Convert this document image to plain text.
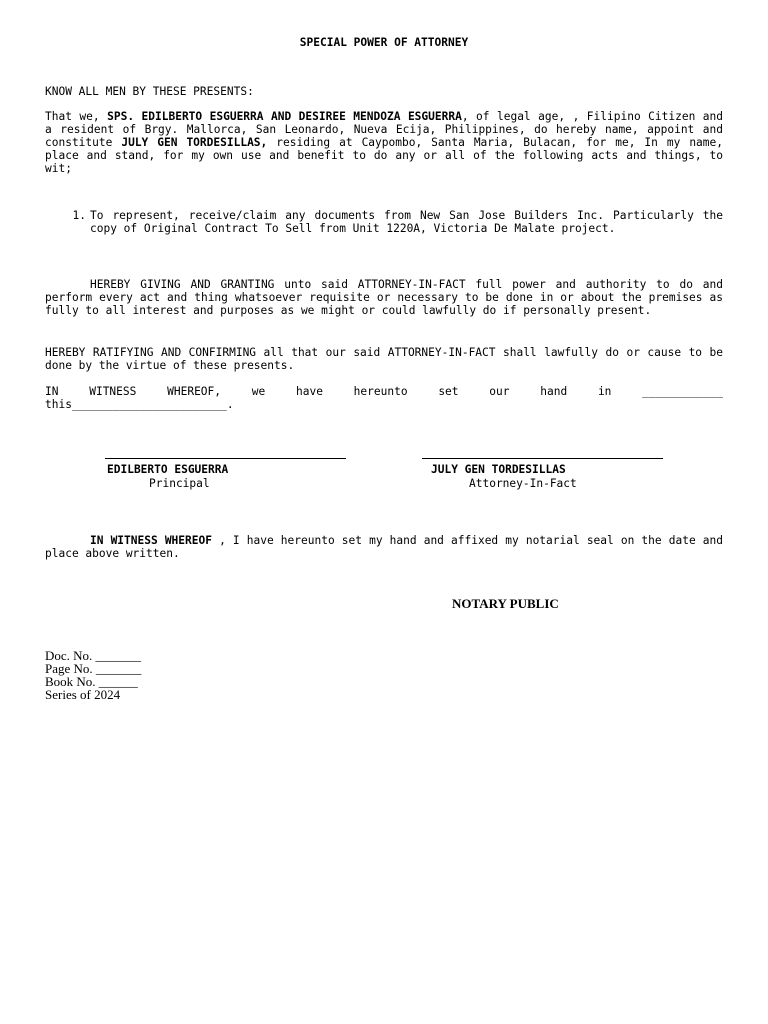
SPECIAL POWER OF ATTORNEY
KNOW ALL MEN BY THESE PRESENTS:
That we, SPS. EDILBERTO ESGUERRA AND DESIREE MENDOZA ESGUERRA, of legal age, , Filipino Citizen and a resident of Brgy. Mallorca, San Leonardo, Nueva Ecija, Philippines, do hereby name, appoint and constitute JULY GEN TORDESILLAS, residing at Caypombo, Santa Maria, Bulacan, for me, In my name, place and stand, for my own use and benefit to do any or all of the following acts and things, to wit;
1. To represent, receive/claim any documents from New San Jose Builders Inc. Particularly the copy of Original Contract To Sell from Unit 1220A, Victoria De Malate project.
HEREBY GIVING AND GRANTING unto said ATTORNEY-IN-FACT full power and authority to do and perform every act and thing whatsoever requisite or necessary to be done in or about the premises as fully to all interest and purposes as we might or could lawfully do if personally present.
HEREBY RATIFYING AND CONFIRMING all that our said ATTORNEY-IN-FACT shall lawfully do or cause to be done by the virtue of these presents.
IN WITNESS WHEREOF, we have hereunto set our hand in ____________
this_______________________.
EDILBERTO ESGUERRA
Principal
JULY GEN TORDESILLAS
Attorney-In-Fact
IN WITNESS WHEREOF , I have hereunto set my hand and affixed my notarial seal on the date and place above written.
NOTARY PUBLIC
Doc. No. _______
Page No. _______
Book No. ______
Series of 2024
